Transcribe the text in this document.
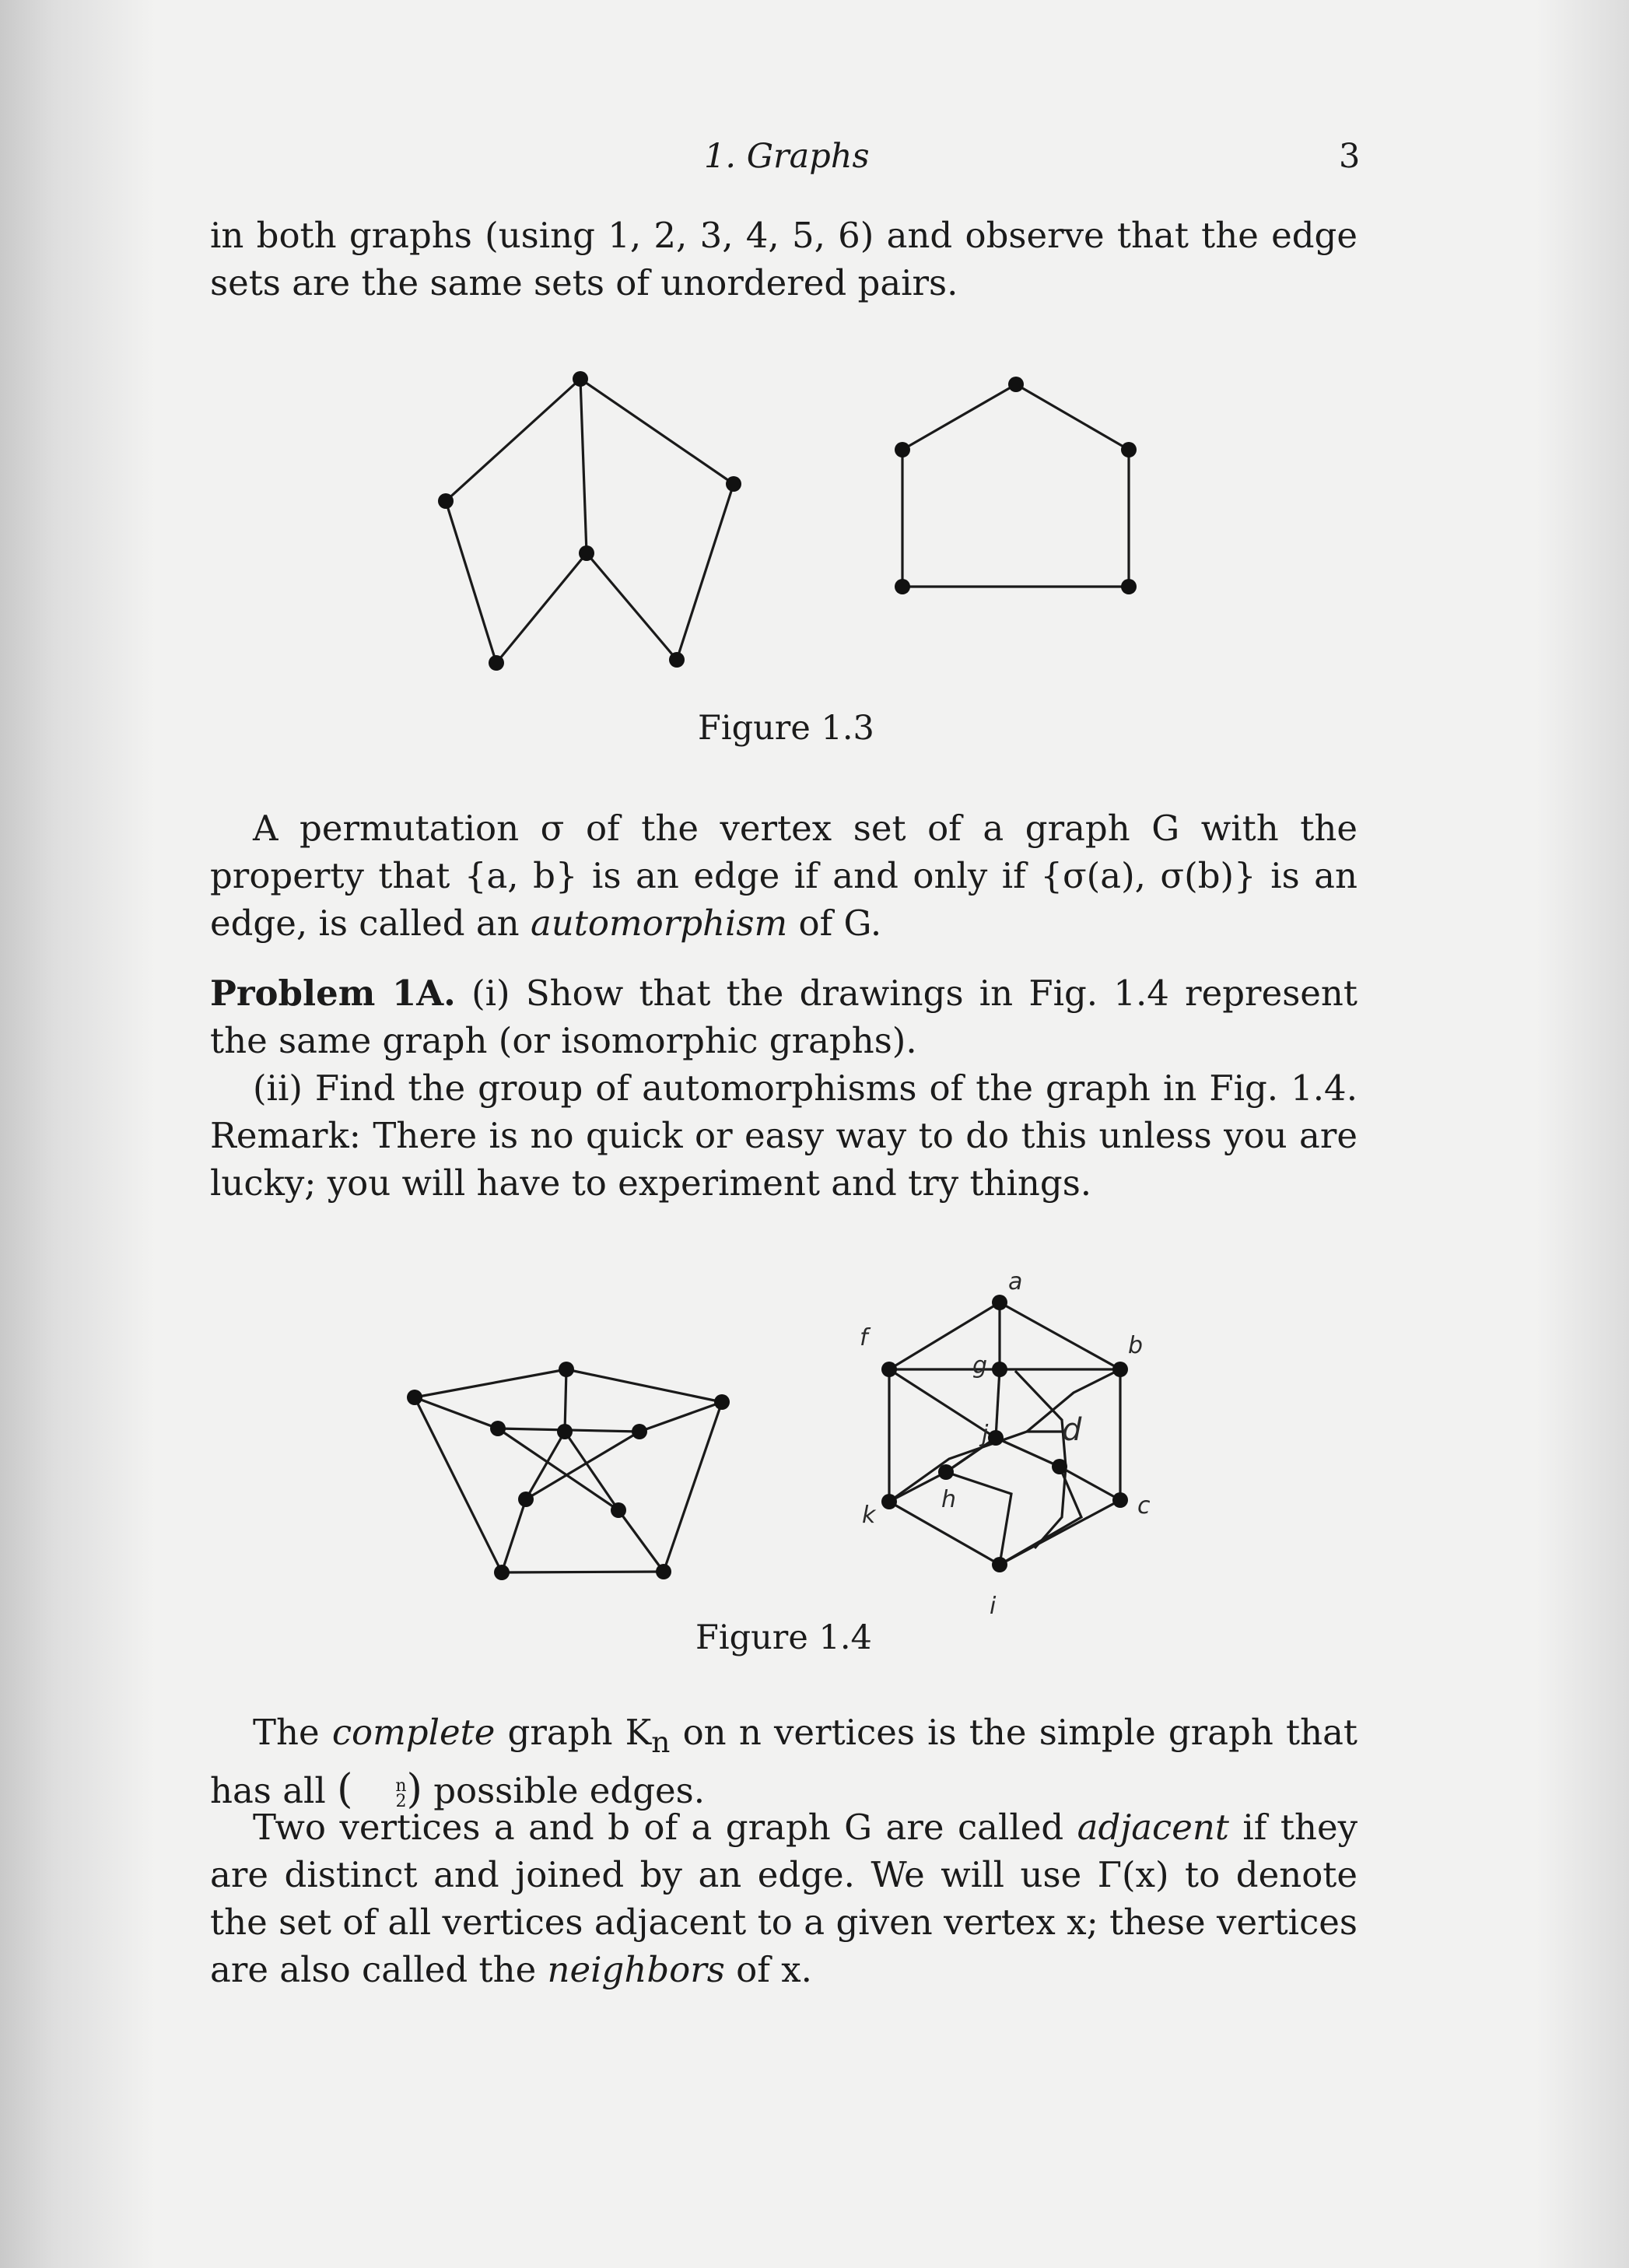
1. Graphs	3

in both graphs (using 1, 2, 3, 4, 5, 6) and observe that the edge sets are the same sets of unordered pairs.

Figure 1.3

A permutation σ of the vertex set of a graph G with the property that {a, b} is an edge if and only if {σ(a), σ(b)} is an edge, is called an automorphism of G.

Problem 1A. (i) Show that the drawings in Fig. 1.4 represent the same graph (or isomorphic graphs).

(ii) Find the group of automorphisms of the graph in Fig. 1.4. Remark: There is no quick or easy way to do this unless you are lucky; you will have to experiment and try things.

a
b
c
d
f
g
h
i
j
k
Figure 1.4

The complete graph $K_n$ on n vertices is the simple graph that has all (	n
2 ) possible edges.

Two vertices a and b of a graph G are called adjacent if they are distinct and joined by an edge. We will use Γ(x) to denote the set of all vertices adjacent to a given vertex x; these vertices are also called the neighbors of x.
